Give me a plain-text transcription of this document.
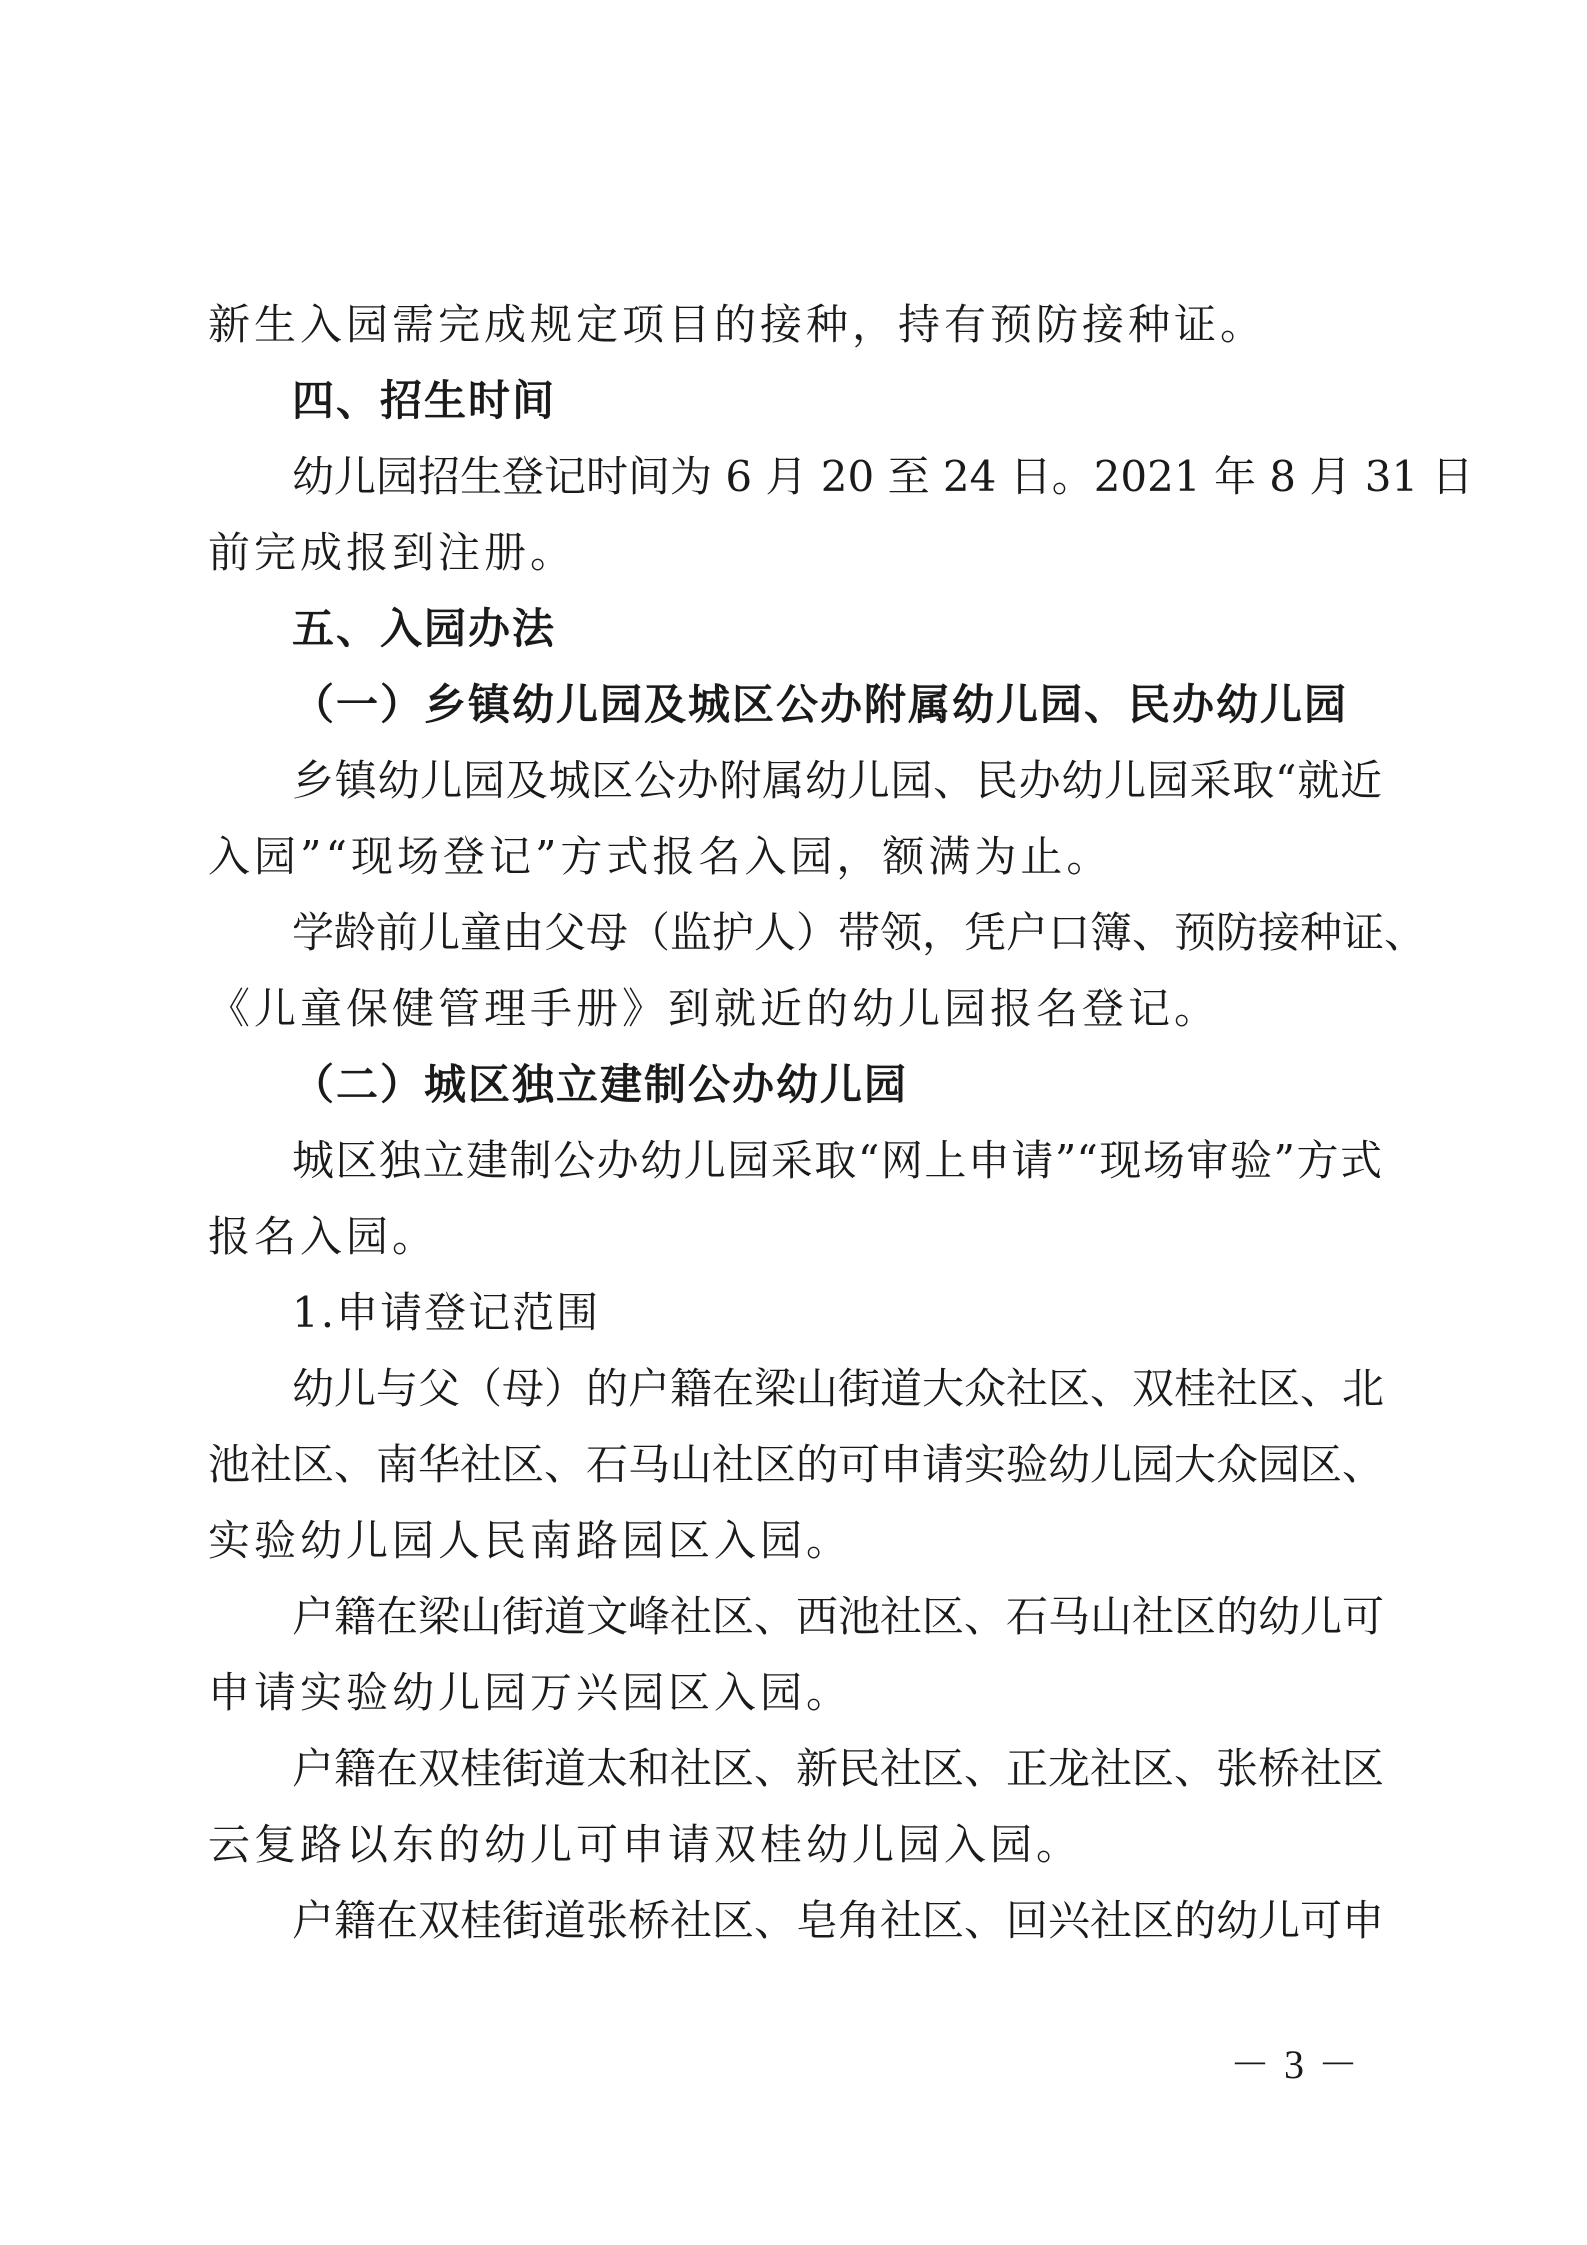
新生入园需完成规定项目的接种，持有预防接种证。
四、招生时间
幼儿园招生登记时间为 6 月 20 至 24 日。2021 年 8 月 31 日
前完成报到注册。
五、入园办法
（一）乡镇幼儿园及城区公办附属幼儿园、民办幼儿园
乡镇幼儿园及城区公办附属幼儿园、民办幼儿园采取“就近
入园”“现场登记”方式报名入园，额满为止。
学龄前儿童由父母（监护人）带领，凭户口簿、预防接种证、
《儿童保健管理手册》到就近的幼儿园报名登记。
（二）城区独立建制公办幼儿园
城区独立建制公办幼儿园采取“网上申请”“现场审验”方式
报名入园。
1.申请登记范围
幼儿与父（母）的户籍在梁山街道大众社区、双桂社区、北
池社区、南华社区、石马山社区的可申请实验幼儿园大众园区、
实验幼儿园人民南路园区入园。
户籍在梁山街道文峰社区、西池社区、石马山社区的幼儿可
申请实验幼儿园万兴园区入园。
户籍在双桂街道太和社区、新民社区、正龙社区、张桥社区
云复路以东的幼儿可申请双桂幼儿园入园。
户籍在双桂街道张桥社区、皂角社区、回兴社区的幼儿可申
－ 3 －
